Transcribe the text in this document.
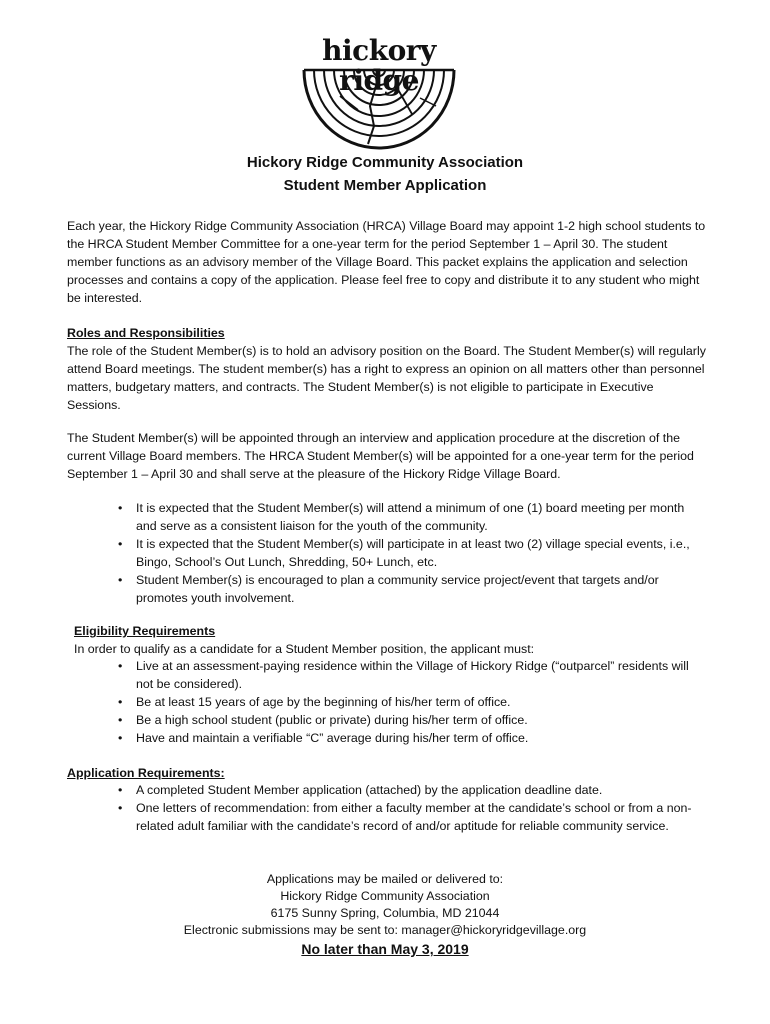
hickory ridge
Hickory Ridge Community Association
Student Member Application

Each year, the Hickory Ridge Community Association (HRCA) Village Board may appoint 1-2 high school students to the HRCA Student Member Committee for a one-year term for the period September 1 – April 30. The student member functions as an advisory member of the Village Board. This packet explains the application and selection processes and contains a copy of the application. Please feel free to copy and distribute it to any student who might be interested.

Roles and Responsibilities

The role of the Student Member(s) is to hold an advisory position on the Board. The Student Member(s) will regularly attend Board meetings. The student member(s) has a right to express an opinion on all matters other than personnel matters, budgetary matters, and contracts. The Student Member(s) is not eligible to participate in Executive Sessions.

The Student Member(s) will be appointed through an interview and application procedure at the discretion of the current Village Board members. The HRCA Student Member(s) will be appointed for a one-year term for the period September 1 – April 30 and shall serve at the pleasure of the Hickory Ridge Village Board.

• It is expected that the Student Member(s) will attend a minimum of one (1) board meeting per month and serve as a consistent liaison for the youth of the community.
• It is expected that the Student Member(s) will participate in at least two (2) village special events, i.e., Bingo, School’s Out Lunch, Shredding, 50+ Lunch, etc.
• Student Member(s) is encouraged to plan a community service project/event that targets and/or promotes youth involvement.
Eligibility Requirements
In order to qualify as a candidate for a Student Member position, the applicant must:
• Live at an assessment-paying residence within the Village of Hickory Ridge (“outparcel” residents will not be considered).
• Be at least 15 years of age by the beginning of his/her term of office.
• Be a high school student (public or private) during his/her term of office.
• Have and maintain a verifiable “C” average during his/her term of office.
Application Requirements:
• A completed Student Member application (attached) by the application deadline date.
• One letters of recommendation: from either a faculty member at the candidate’s school or from a non-related adult familiar with the candidate’s record of and/or aptitude for reliable community service.
Applications may be mailed or delivered to:
Hickory Ridge Community Association
6175 Sunny Spring, Columbia, MD 21044
Electronic submissions may be sent to: manager@hickoryridgevillage.org
No later than May 3, 2019
